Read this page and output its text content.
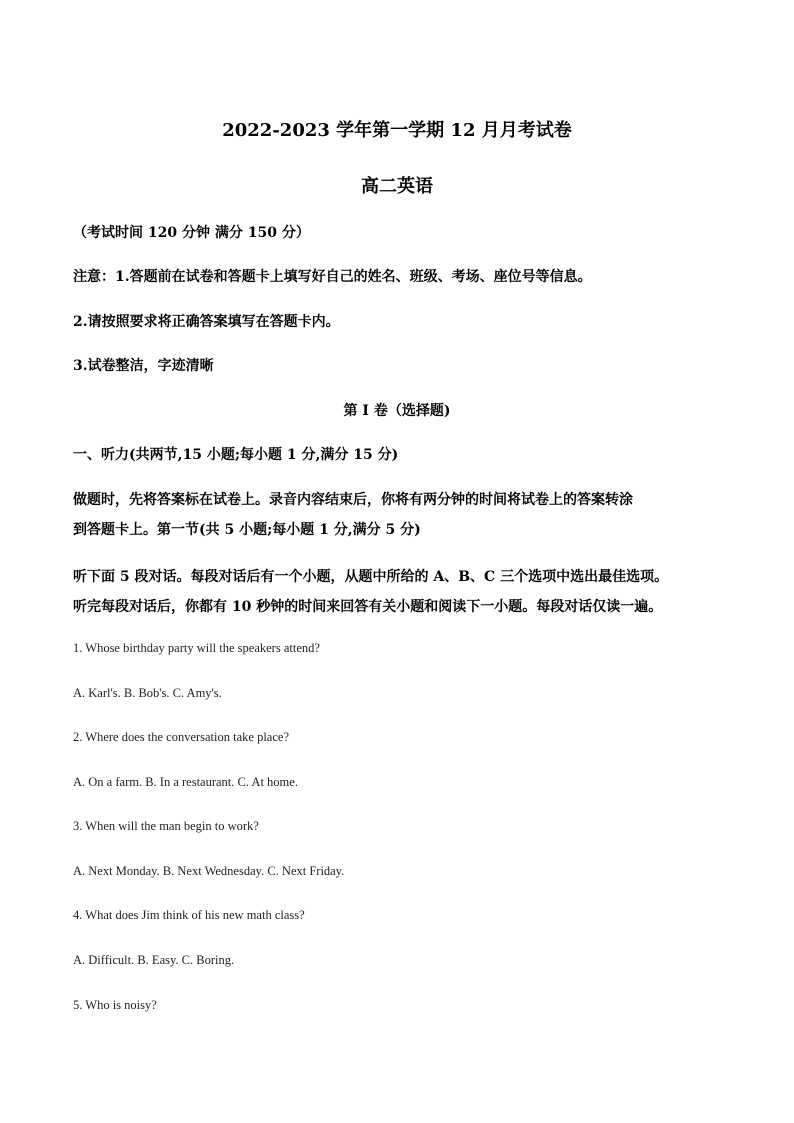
2022-2023 学年第一学期 12 月月考试卷
高二英语

（考试时间 120 分钟 满分 150 分）

注意：1.答题前在试卷和答题卡上填写好自己的姓名、班级、考场、座位号等信息。

2.请按照要求将正确答案填写在答题卡内。

3.试卷整洁，字迹清晰

第 I 卷（选择题)

一、听力(共两节,15 小题;每小题 1 分,满分 15 分)

做题时，先将答案标在试卷上。录音内容结束后，你将有两分钟的时间将试卷上的答案转涂

到答题卡上。第一节(共 5 小题;每小题 1 分,满分 5 分)

听下面 5 段对话。每段对话后有一个小题，从题中所给的 A、B、C 三个选项中选出最佳选项。

听完每段对话后，你都有 10 秒钟的时间来回答有关小题和阅读下一小题。每段对话仅读一遍。

1. Whose birthday party will the speakers attend?

A. Karl's. B. Bob's. C. Amy's.

2. Where does the conversation take place?

A. On a farm. B. In a restaurant. C. At home.

3. When will the man begin to work?

A. Next Monday. B. Next Wednesday. C. Next Friday.

4. What does Jim think of his new math class?

A. Difficult. B. Easy. C. Boring.

5. Who is noisy?
